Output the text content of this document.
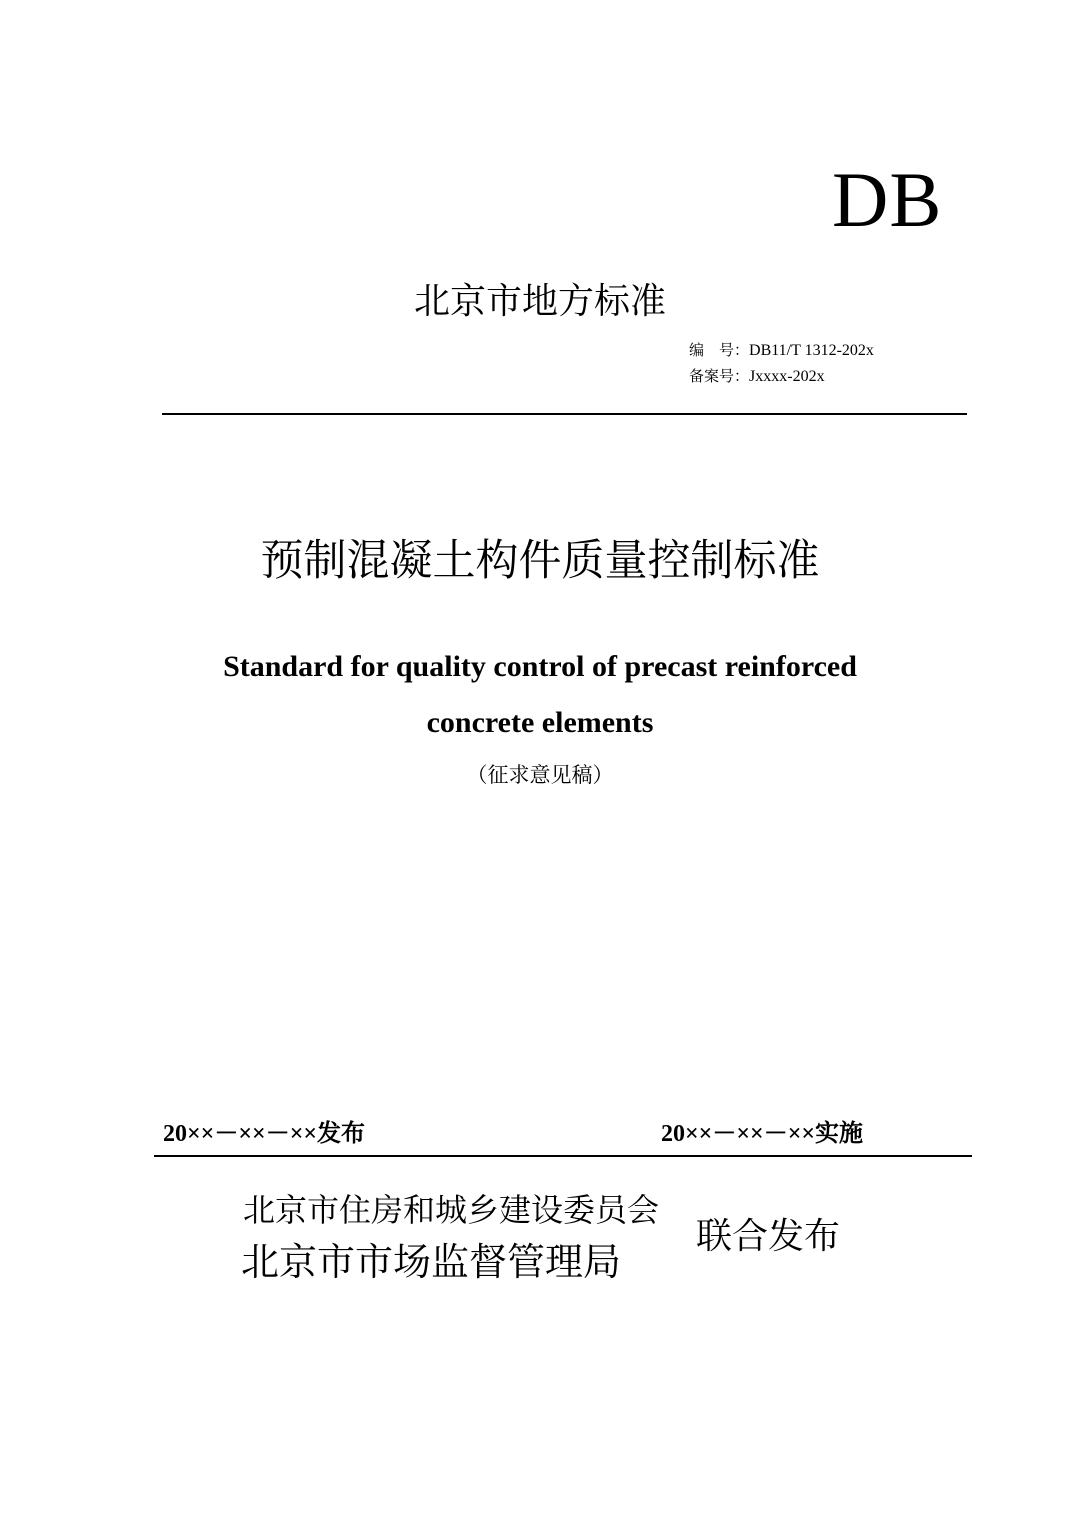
DB
北京市地方标准
编　号：DB11/T 1312-202x
备案号：Jxxxx-202x
预制混凝土构件质量控制标准
Standard for quality control of precast reinforced
concrete elements
（征求意见稿）
20××－××－××发布	20××－××－××实施
北京市住房和城乡建设委员会
北京市市场监督管理局
联合发布
